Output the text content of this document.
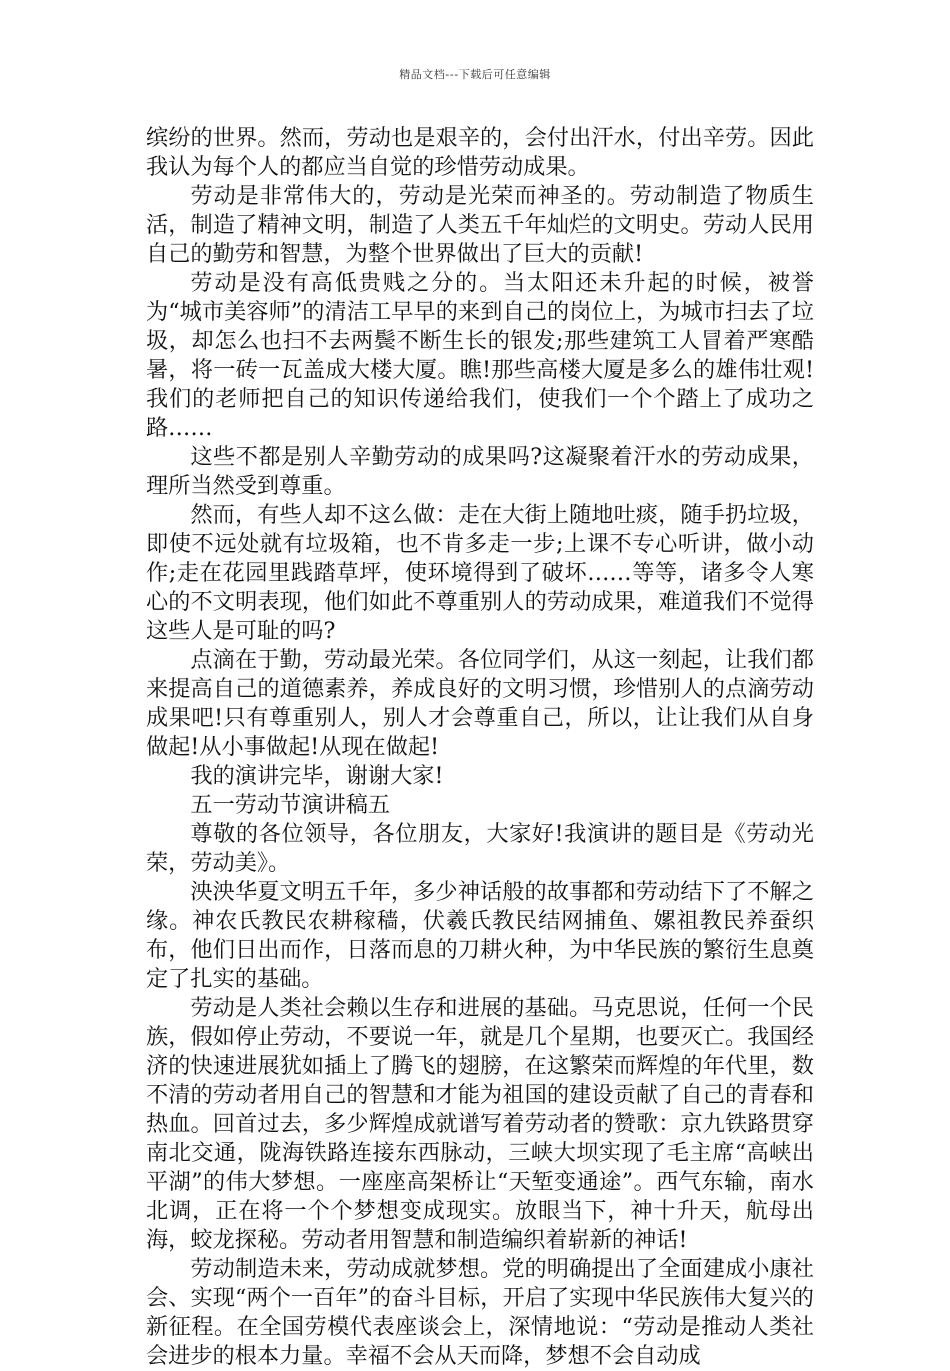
精品文档---下载后可任意编辑

缤纷的世界。然而，劳动也是艰辛的，会付出汗水，付出辛劳。因此我认为每个人的都应当自觉的珍惜劳动成果。

劳动是非常伟大的，劳动是光荣而神圣的。劳动制造了物质生活，制造了精神文明，制造了人类五千年灿烂的文明史。劳动人民用自己的勤劳和智慧，为整个世界做出了巨大的贡献!

劳动是没有高低贵贱之分的。当太阳还未升起的时候，被誉为“城市美容师”的清洁工早早的来到自己的岗位上，为城市扫去了垃圾，却怎么也扫不去两鬓不断生长的银发;那些建筑工人冒着严寒酷暑，将一砖一瓦盖成大楼大厦。瞧!那些高楼大厦是多么的雄伟壮观!我们的老师把自己的知识传递给我们，使我们一个个踏上了成功之路……

这些不都是别人辛勤劳动的成果吗?这凝聚着汗水的劳动成果，理所当然受到尊重。

然而，有些人却不这么做：走在大街上随地吐痰，随手扔垃圾，即使不远处就有垃圾箱，也不肯多走一步;上课不专心听讲，做小动作;走在花园里践踏草坪，使环境得到了破坏……等等，诸多令人寒心的不文明表现，他们如此不尊重别人的劳动成果，难道我们不觉得这些人是可耻的吗?

点滴在于勤，劳动最光荣。各位同学们，从这一刻起，让我们都来提高自己的道德素养，养成良好的文明习惯，珍惜别人的点滴劳动成果吧!只有尊重别人，别人才会尊重自己，所以，让让我们从自身做起!从小事做起!从现在做起!

我的演讲完毕，谢谢大家!

五一劳动节演讲稿五

尊敬的各位领导，各位朋友，大家好!我演讲的题目是《劳动光荣，劳动美》。

泱泱华夏文明五千年，多少神话般的故事都和劳动结下了不解之缘。神农氏教民农耕稼穑，伏羲氏教民结网捕鱼、嫘祖教民养蚕织布，他们日出而作，日落而息的刀耕火种，为中华民族的繁衍生息奠定了扎实的基础。

劳动是人类社会赖以生存和进展的基础。马克思说，任何一个民族，假如停止劳动，不要说一年，就是几个星期，也要灭亡。我国经济的快速进展犹如插上了腾飞的翅膀，在这繁荣而辉煌的年代里，数不清的劳动者用自己的智慧和才能为祖国的建设贡献了自己的青春和热血。回首过去，多少辉煌成就谱写着劳动者的赞歌：京九铁路贯穿南北交通，陇海铁路连接东西脉动，三峡大坝实现了毛主席“高峡出平湖”的伟大梦想。一座座高架桥让“天堑变通途”。西气东输，南水北调，正在将一个个梦想变成现实。放眼当下，神十升天，航母出海，蛟龙探秘。劳动者用智慧和制造编织着崭新的神话!

劳动制造未来，劳动成就梦想。党的明确提出了全面建成小康社会、实现“两个一百年”的奋斗目标，开启了实现中华民族伟大复兴的新征程。在全国劳模代表座谈会上，深情地说：“劳动是推动人类社会进步的根本力量。幸福不会从天而降，梦想不会自动成
